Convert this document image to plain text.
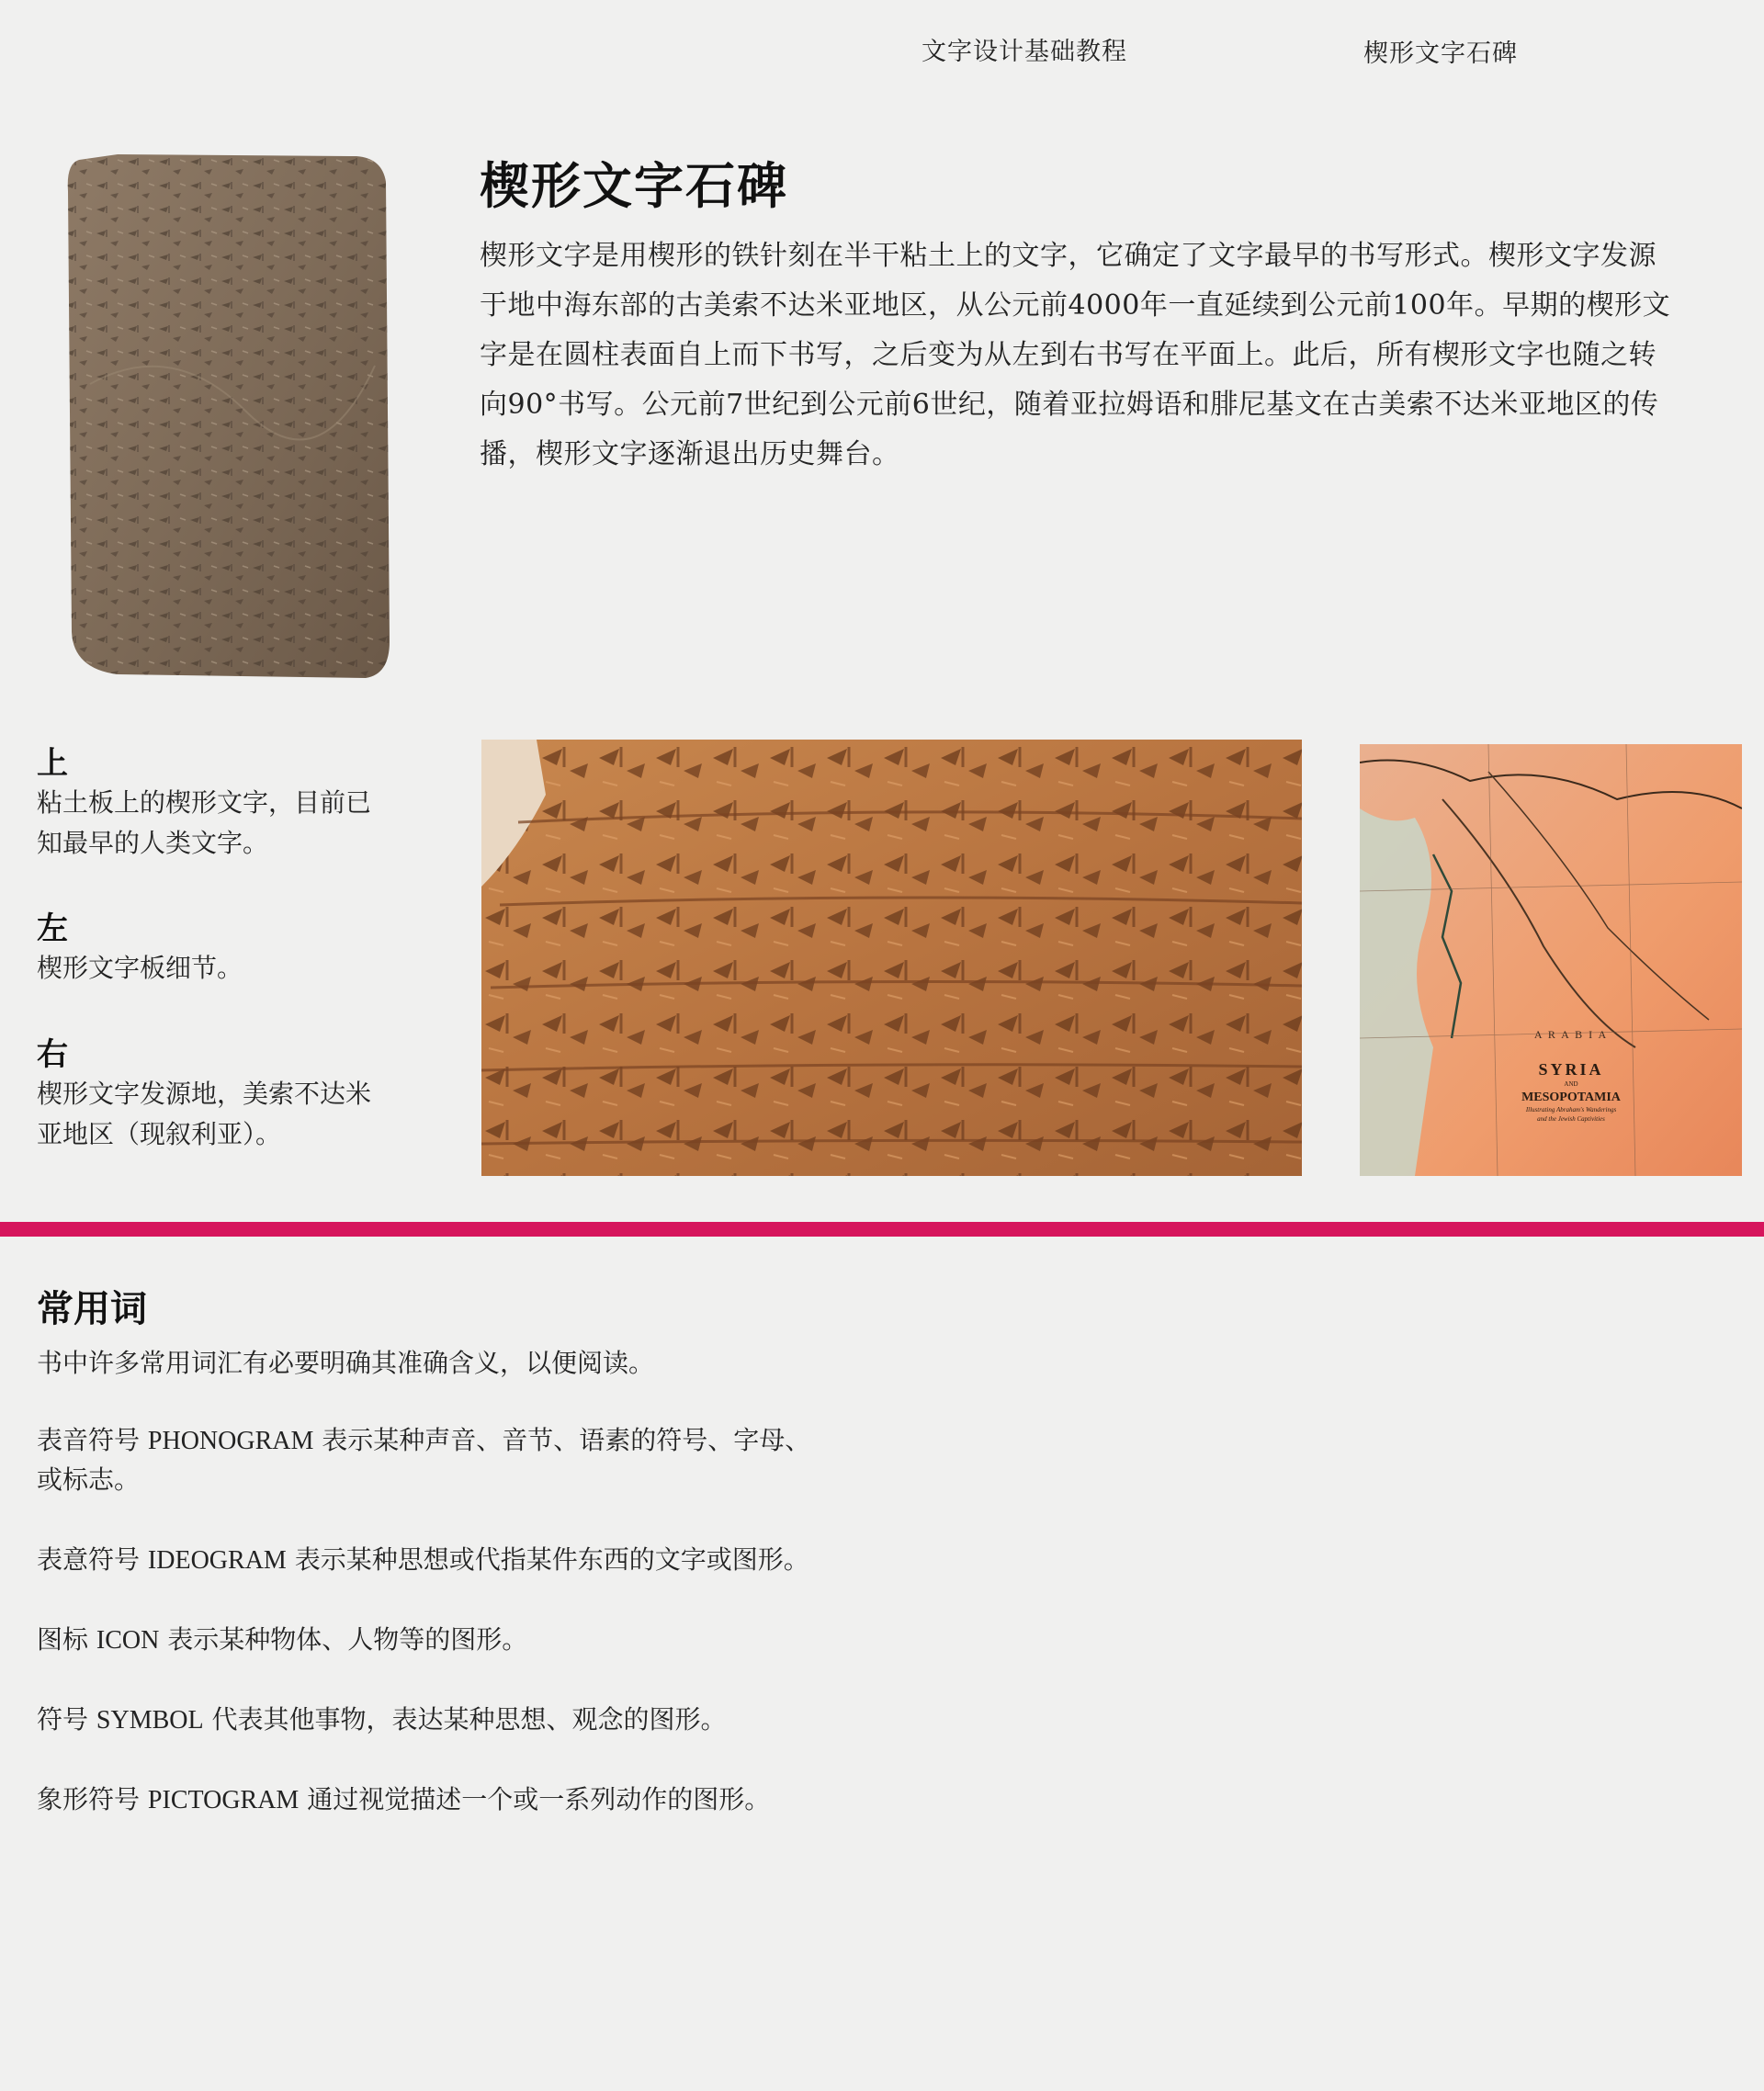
文字设计基础教程	楔形文字石碑
楔形文字石碑
楔形文字是用楔形的铁针刻在半干粘土上的文字，它确定了文字最早的书写形式。楔形文字发源
于地中海东部的古美索不达米亚地区，从公元前4000年一直延续到公元前100年。早期的楔形文
字是在圆柱表面自上而下书写，之后变为从左到右书写在平面上。此后，所有楔形文字也随之转
向90°书写。公元前7世纪到公元前6世纪，随着亚拉姆语和腓尼基文在古美索不达米亚地区的传
播，楔形文字逐渐退出历史舞台。
上

粘土板上的楔形文字，目前已
知最早的人类文字。

左

楔形文字板细节。

右

楔形文字发源地，美索不达米
亚地区（现叙利亚）。

A R A B I A
SYRIA
AND
MESOPOTAMIA
Illustrating Abraham's Wanderings
and the Jewish Captivities
常用词
书中许多常用词汇有必要明确其准确含义，以便阅读。

表音符号 PHONOGRAM 表示某种声音、音节、语素的符号、字母、
或标志。

表意符号 IDEOGRAM 表示某种思想或代指某件东西的文字或图形。

图标 ICON 表示某种物体、人物等的图形。

符号 SYMBOL 代表其他事物，表达某种思想、观念的图形。

象形符号 PICTOGRAM 通过视觉描述一个或一系列动作的图形。
